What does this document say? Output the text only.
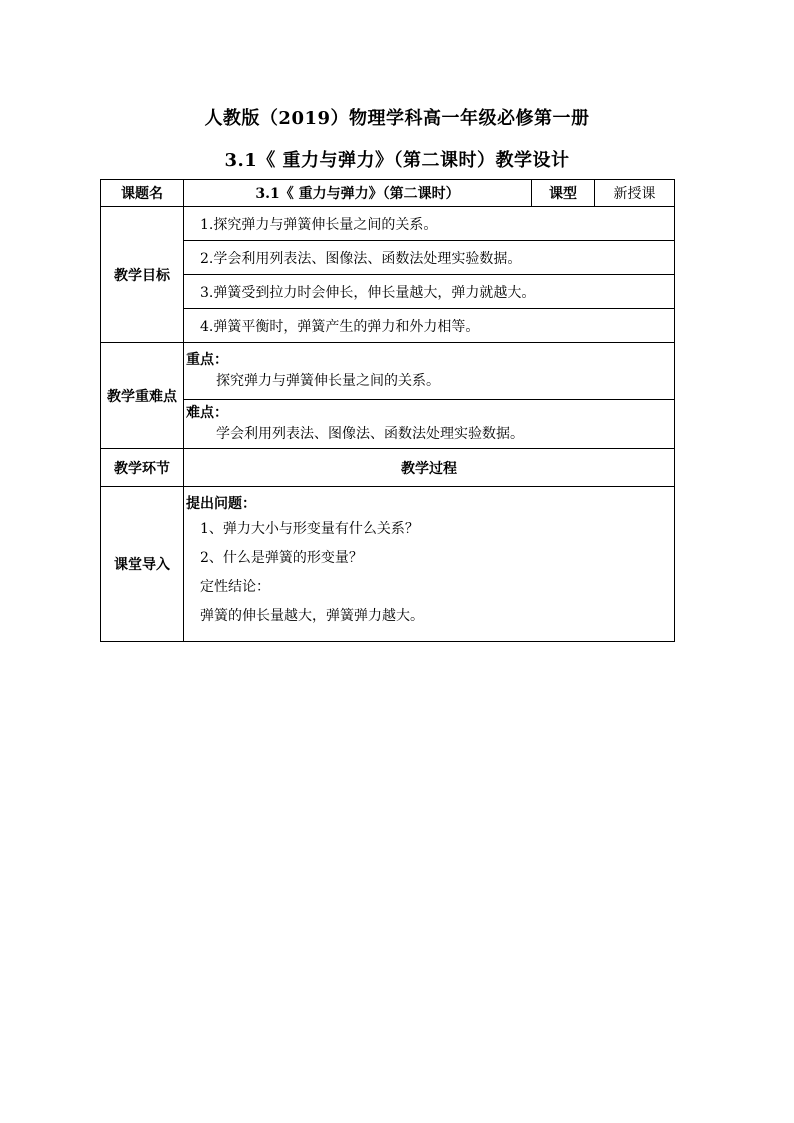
人教版（2019）物理学科高一年级必修第一册
3.1《 重力与弹力》（第二课时）教学设计
课题名	3.1《 重力与弹力》（第二课时）	课型	新授课
教学目标	1.探究弹力与弹簧伸长量之间的关系。		
	2.学会利用列表法、图像法、函数法处理实验数据。		
	3.弹簧受到拉力时会伸长，伸长量越大，弹力就越大。		
	4.弹簧平衡时，弹簧产生的弹力和外力相等。		
教学重难点	重点：
探究弹力与弹簧伸长量之间的关系。		

	难点：
学会利用列表法、图像法、函数法处理实验数据。		

教学环节	教学过程		
课堂导入	提出问题：
1、弹力大小与形变量有什么关系？
2、什么是弹簧的形变量？
定性结论：
弹簧的伸长量越大，弹簧弹力越大。		
